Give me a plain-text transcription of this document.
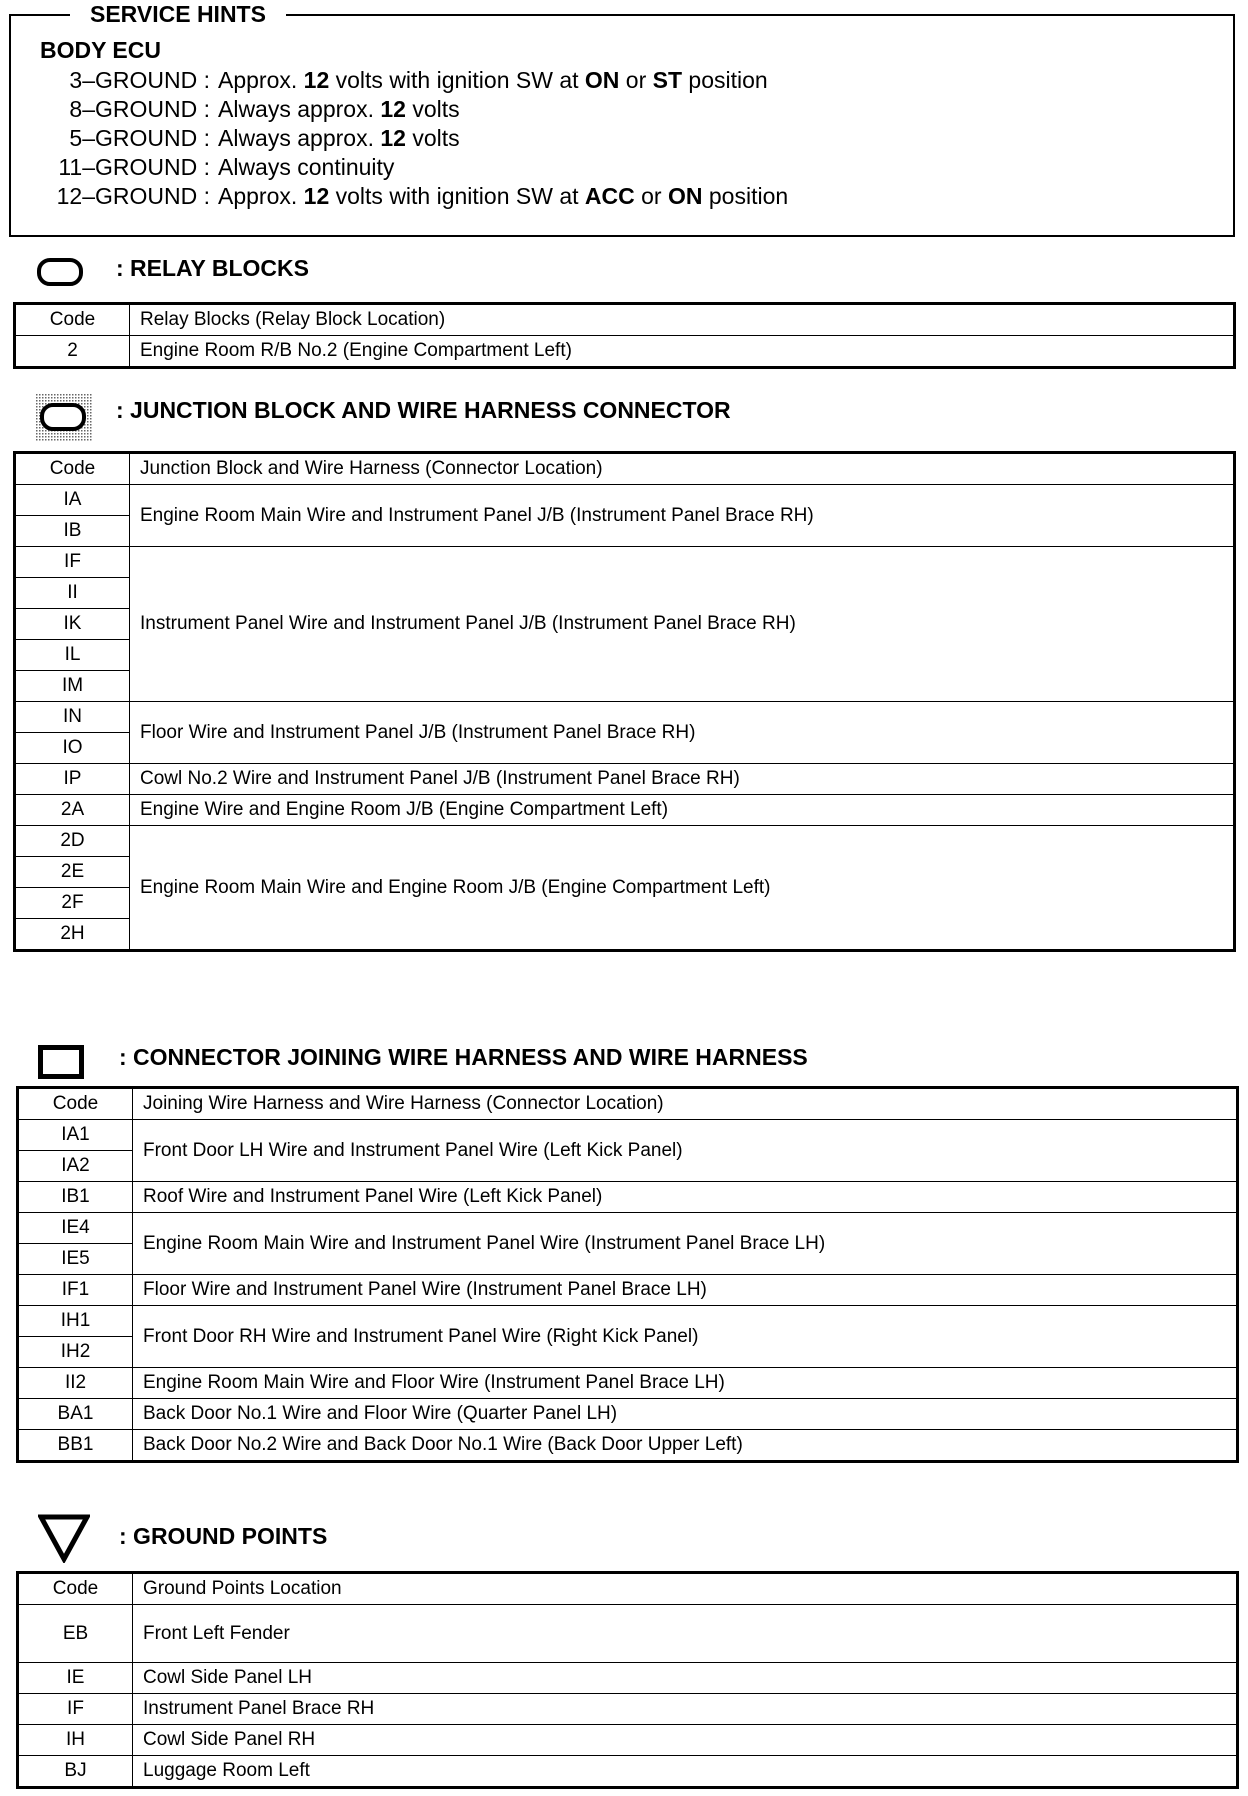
SERVICE HINTS
BODY ECU
3–GROUND : Approx. 12 volts with ignition SW at ON or ST position
8–GROUND : Always approx. 12 volts
5–GROUND : Always approx. 12 volts
11–GROUND : Always continuity
12–GROUND : Approx. 12 volts with ignition SW at ACC or ON position
: RELAY BLOCKS
Code	Relay Blocks (Relay Block Location)
2	Engine Room R/B No.2 (Engine Compartment Left)
: JUNCTION BLOCK AND WIRE HARNESS CONNECTOR
Code	Junction Block and Wire Harness (Connector Location)
IA	Engine Room Main Wire and Instrument Panel J/B (Instrument Panel Brace RH)
IB	
IF	Instrument Panel Wire and Instrument Panel J/B (Instrument Panel Brace RH)
II	
IK	
IL	
IM	
IN	Floor Wire and Instrument Panel J/B (Instrument Panel Brace RH)
IO	
IP	Cowl No.2 Wire and Instrument Panel J/B (Instrument Panel Brace RH)
2A	Engine Wire and Engine Room J/B (Engine Compartment Left)
2D	Engine Room Main Wire and Engine Room J/B (Engine Compartment Left)
2E	
2F	
2H	
: CONNECTOR JOINING WIRE HARNESS AND WIRE HARNESS
Code	Joining Wire Harness and Wire Harness (Connector Location)
IA1	Front Door LH Wire and Instrument Panel Wire (Left Kick Panel)
IA2	
IB1	Roof Wire and Instrument Panel Wire (Left Kick Panel)
IE4	Engine Room Main Wire and Instrument Panel Wire (Instrument Panel Brace LH)
IE5	
IF1	Floor Wire and Instrument Panel Wire (Instrument Panel Brace LH)
IH1	Front Door RH Wire and Instrument Panel Wire (Right Kick Panel)
IH2	
II2	Engine Room Main Wire and Floor Wire (Instrument Panel Brace LH)
BA1	Back Door No.1 Wire and Floor Wire (Quarter Panel LH)
BB1	Back Door No.2 Wire and Back Door No.1 Wire (Back Door Upper Left)
: GROUND POINTS
Code	Ground Points Location
EB	Front Left Fender
IE	Cowl Side Panel LH
IF	Instrument Panel Brace RH
IH	Cowl Side Panel RH
BJ	Luggage Room Left
